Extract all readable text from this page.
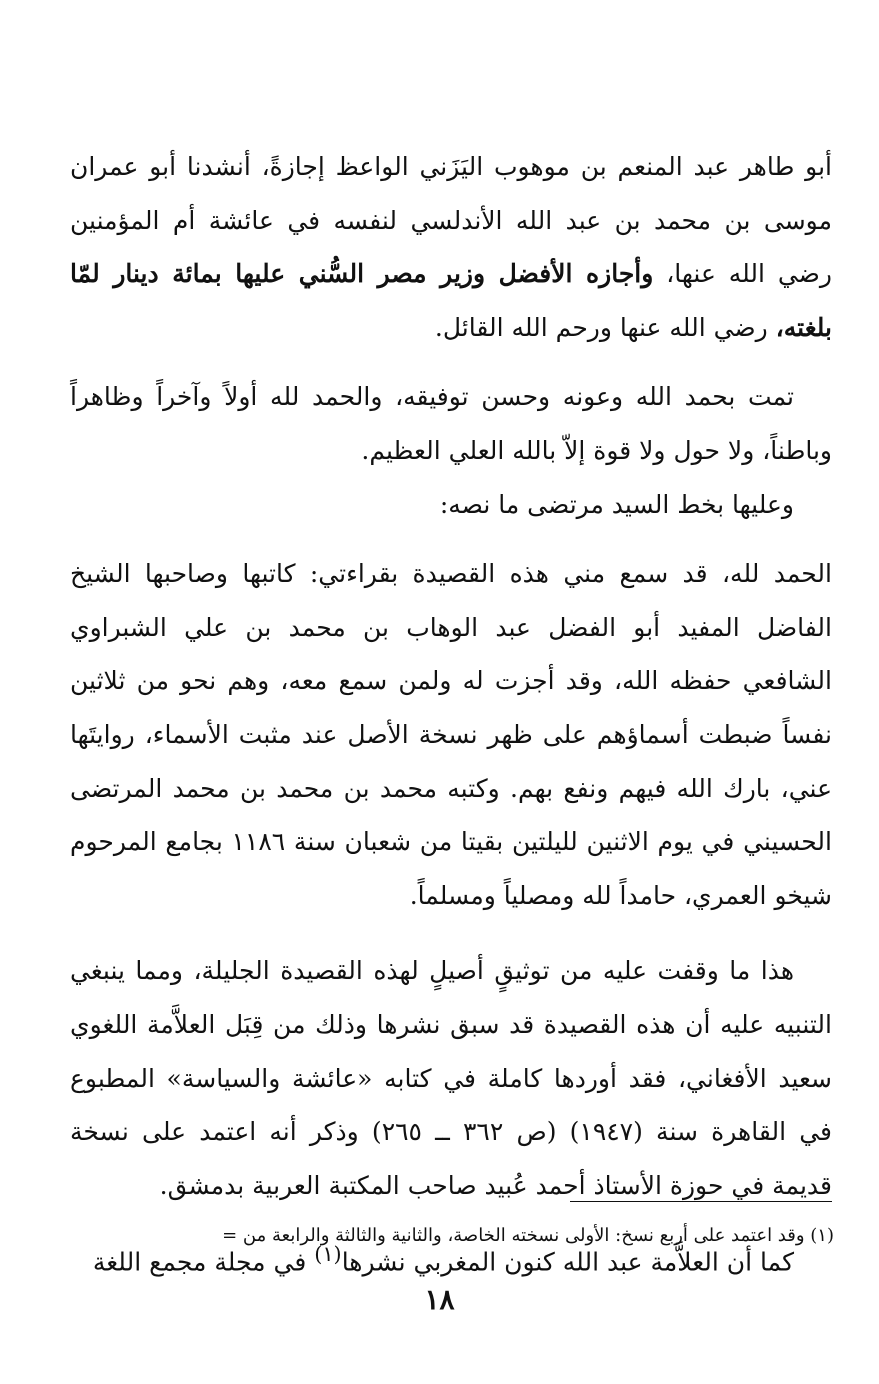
أبو طاهر عبد المنعم بن موهوب اليَزَني الواعظ إجازةً، أنشدنا أبو عمران موسى بن محمد بن عبد الله الأندلسي لنفسه في عائشة أم المؤمنين رضي الله عنها، وأجازه الأفضل وزير مصر السُّني عليها بمائة دينار لمّا بلغته، رضي الله عنها ورحم الله القائل.

تمت بحمد الله وعونه وحسن توفيقه، والحمد لله أولاً وآخراً وظاهراً وباطناً، ولا حول ولا قوة إلاّ بالله العلي العظيم.

وعليها بخط السيد مرتضى ما نصه:

الحمد لله، قد سمع مني هذه القصيدة بقراءتي: كاتبها وصاحبها الشيخ الفاضل المفيد أبو الفضل عبد الوهاب بن محمد بن علي الشبراوي الشافعي حفظه الله، وقد أجزت له ولمن سمع معه، وهم نحو من ثلاثين نفساً ضبطت أسماؤهم على ظهر نسخة الأصل عند مثبت الأسماء، روايتَها عني، بارك الله فيهم ونفع بهم. وكتبه محمد بن محمد بن محمد المرتضى الحسيني في يوم الاثنين لليلتين بقيتا من شعبان سنة ١١٨٦ بجامع المرحوم شيخو العمري، حامداً لله ومصلياً ومسلماً.

هذا ما وقفت عليه من توثيقٍ أصيلٍ لهذه القصيدة الجليلة، ومما ينبغي التنبيه عليه أن هذه القصيدة قد سبق نشرها وذلك من قِبَل العلاَّمة اللغوي سعيد الأفغاني، فقد أوردها كاملة في كتابه «عائشة والسياسة» المطبوع في القاهرة سنة (١٩٤٧) (ص ٣٦٢ ــ ٢٦٥) وذكر أنه اعتمد على نسخة قديمة في حوزة الأستاذ أحمد عُبيد صاحب المكتبة العربية بدمشق.

كما أن العلاَّمة عبد الله كنون المغربي نشرها$^{(١)}$ في مجلة مجمع اللغة

(١) وقد اعتمد على أربع نسخ: الأولى نسخته الخاصة، والثانية والثالثة والرابعة من =
١٨
